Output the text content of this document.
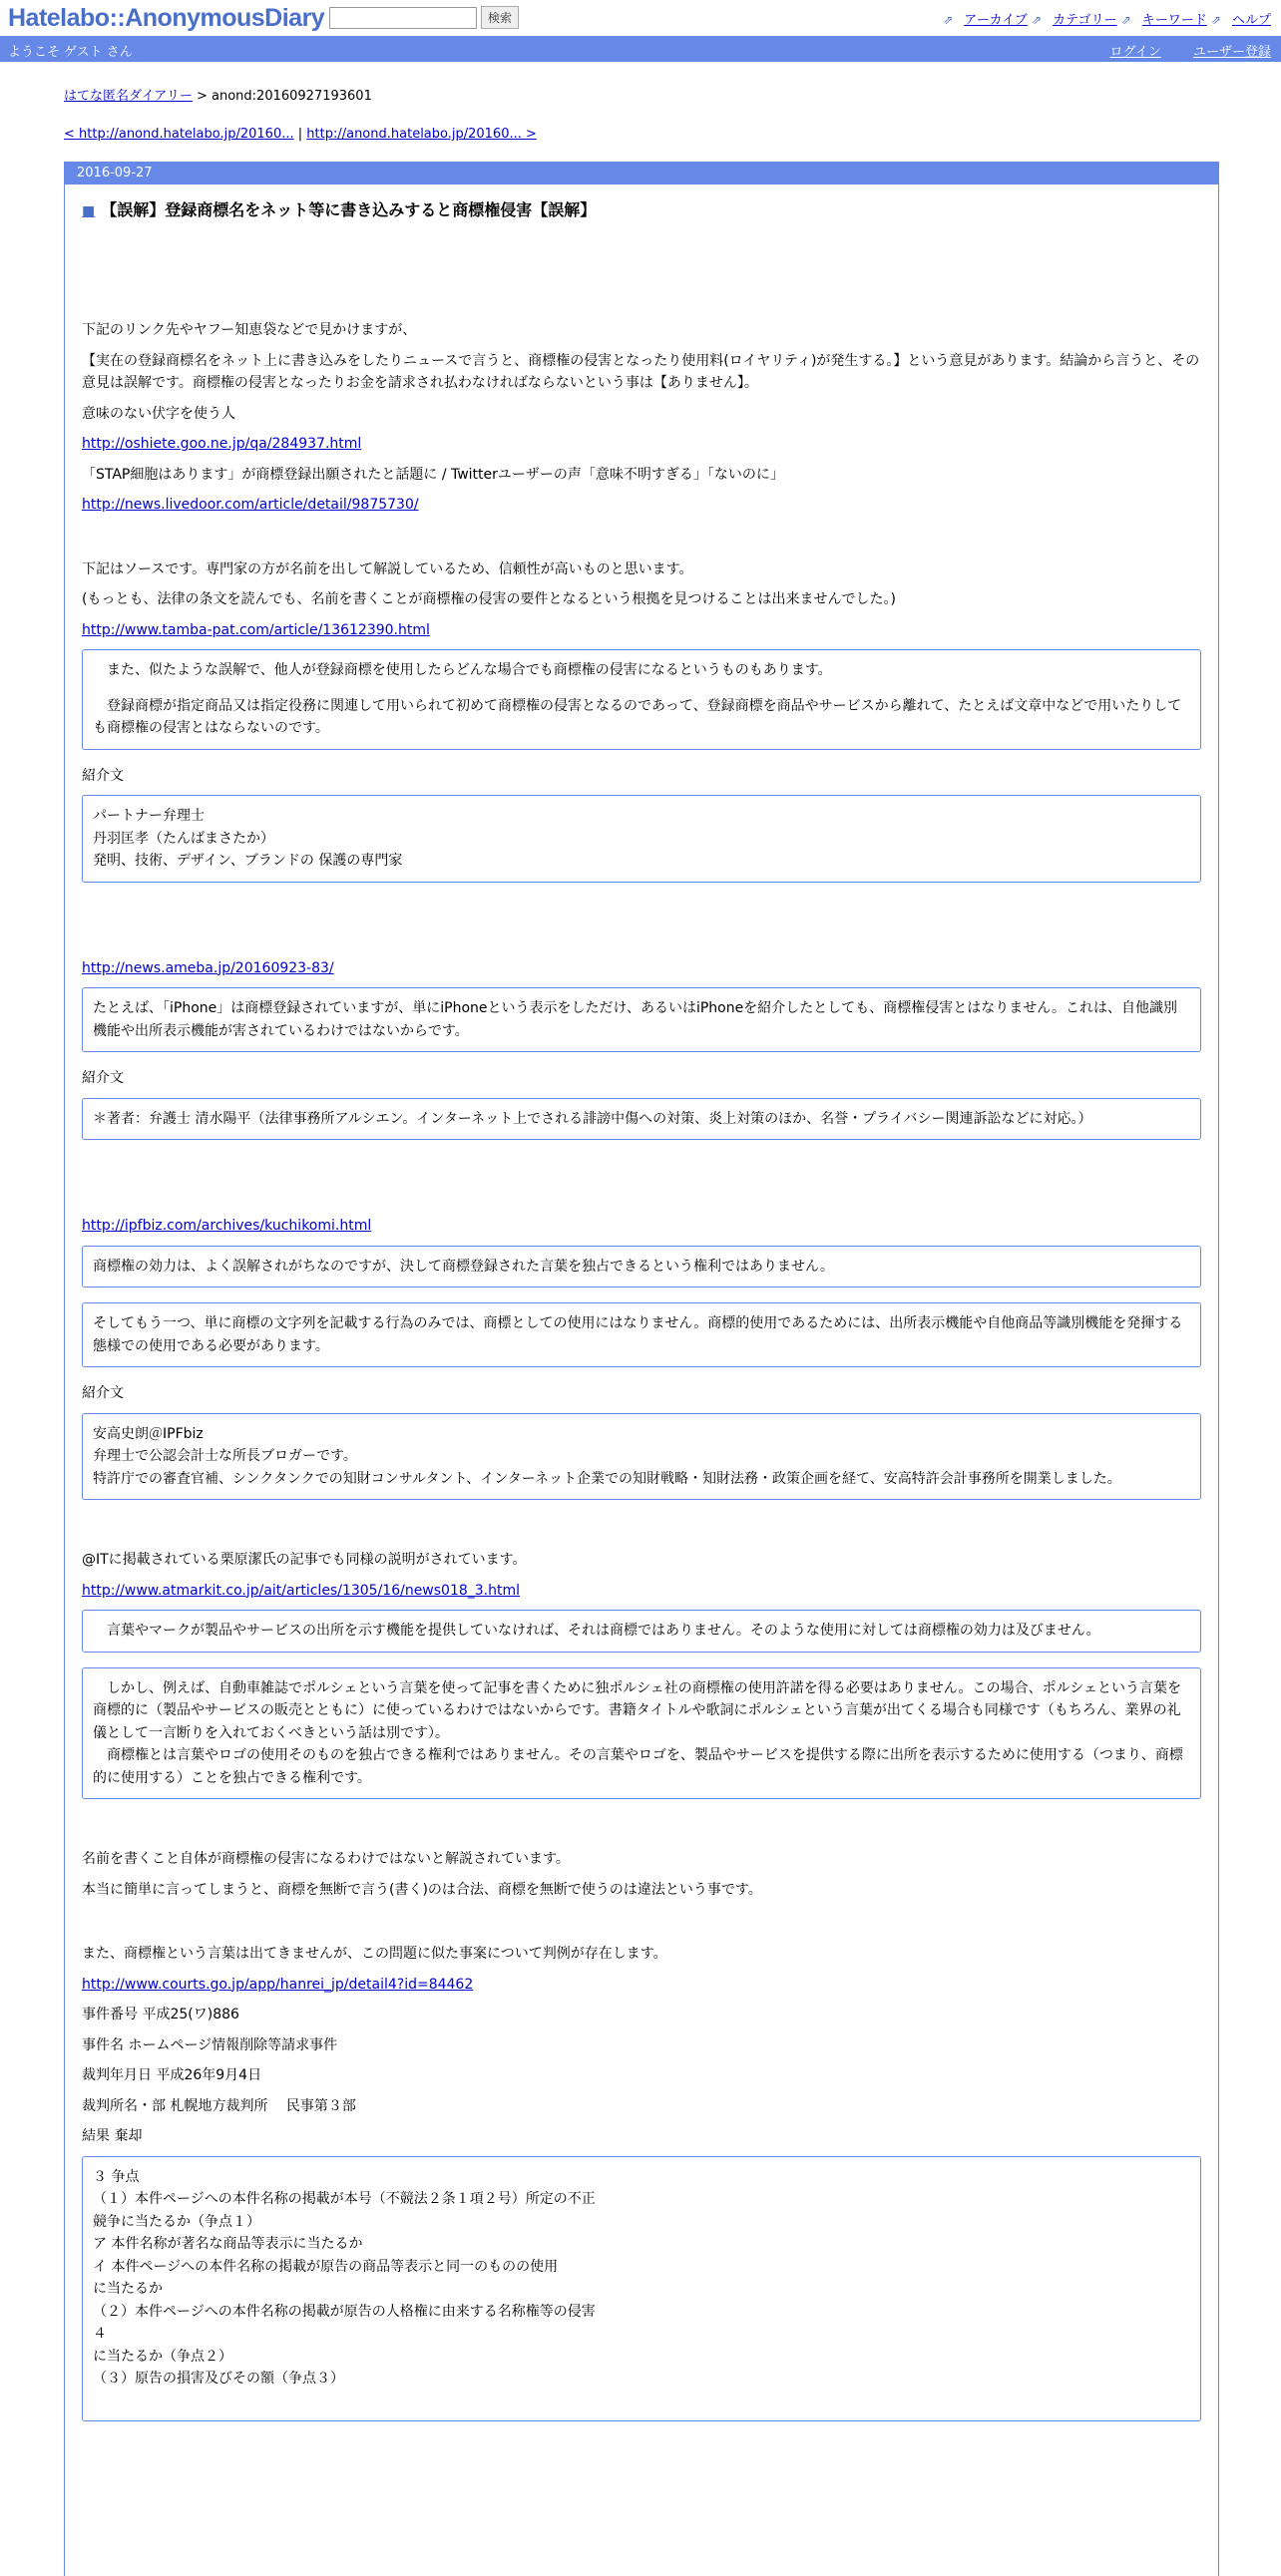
Hatelabo::AnonymousDiary	検索	⇗ アーカイブ ⇗ カテゴリー ⇗ キーワード ⇗ ヘルプ
ようこそ ゲスト さん	ログイン ユーザー登録
はてな匿名ダイアリー > anond:20160927193601
< http://anond.hatelabo.jp/20160... | http://anond.hatelabo.jp/20160... >
2016-09-27
■ 【誤解】登録商標名をネット等に書き込みすると商標権侵害【誤解】

下記のリンク先やヤフー知恵袋などで見かけますが、

【実在の登録商標名をネット上に書き込みをしたりニュースで言うと、商標権の侵害となったり使用料(ロイヤリティ)が発生する。】という意見があります。結論から言うと、その意見は誤解です。商標権の侵害となったりお金を請求され払わなければならないという事は【ありません】。

意味のない伏字を使う人

http://oshiete.goo.ne.jp/qa/284937.html

「STAP細胞はあります」が商標登録出願されたと話題に / Twitterユーザーの声「意味不明すぎる」「ないのに」

http://news.livedoor.com/article/detail/9875730/

下記はソースです。専門家の方が名前を出して解説しているため、信頼性が高いものと思います。

(もっとも、法律の条文を読んでも、名前を書くことが商標権の侵害の要件となるという根拠を見つけることは出来ませんでした。)

http://www.tamba-pat.com/article/13612390.html

また、似たような誤解で、他人が登録商標を使用したらどんな場合でも商標権の侵害になるというものもあります。

登録商標が指定商品又は指定役務に関連して用いられて初めて商標権の侵害となるのであって、登録商標を商品やサービスから離れて、たとえば文章中などで用いたりしても商標権の侵害とはならないのです。

紹介文

パートナー弁理士

丹羽匡孝（たんばまさたか）

発明、技術、デザイン、ブランドの 保護の専門家

http://news.ameba.jp/20160923-83/

たとえば、「iPhone」は商標登録されていますが、単にiPhoneという表示をしただけ、あるいはiPhoneを紹介したとしても、商標権侵害とはなりません。これは、自他識別機能や出所表示機能が害されているわけではないからです。

紹介文

＊著者：弁護士 清水陽平（法律事務所アルシエン。インターネット上でされる誹謗中傷への対策、炎上対策のほか、名誉・プライバシー関連訴訟などに対応。）

http://ipfbiz.com/archives/kuchikomi.html

商標権の効力は、よく誤解されがちなのですが、決して商標登録された言葉を独占できるという権利ではありません。

そしてもう一つ、単に商標の文字列を記載する行為のみでは、商標としての使用にはなりません。商標的使用であるためには、出所表示機能や自他商品等識別機能を発揮する態様での使用である必要があります。

紹介文

安高史朗＠IPFbiz

弁理士で公認会計士な所長ブロガーです。

特許庁での審査官補、シンクタンクでの知財コンサルタント、インターネット企業での知財戦略・知財法務・政策企画を経て、安高特許会計事務所を開業しました。

@ITに掲載されている栗原潔氏の記事でも同様の説明がされています。

http://www.atmarkit.co.jp/ait/articles/1305/16/news018_3.html

言葉やマークが製品やサービスの出所を示す機能を提供していなければ、それは商標ではありません。そのような使用に対しては商標権の効力は及びません。

しかし、例えば、自動車雑誌でポルシェという言葉を使って記事を書くために独ポルシェ社の商標権の使用許諾を得る必要はありません。この場合、ポルシェという言葉を商標的に（製品やサービスの販売とともに）に使っているわけではないからです。書籍タイトルや歌詞にポルシェという言葉が出てくる場合も同様です（もちろん、業界の礼儀として一言断りを入れておくべきという話は別です）。

商標権とは言葉やロゴの使用そのものを独占できる権利ではありません。その言葉やロゴを、製品やサービスを提供する際に出所を表示するために使用する（つまり、商標的に使用する）ことを独占できる権利です。

名前を書くこと自体が商標権の侵害になるわけではないと解説されています。

本当に簡単に言ってしまうと、商標を無断で言う(書く)のは合法、商標を無断で使うのは違法という事です。

また、商標権という言葉は出てきませんが、この問題に似た事案について判例が存在します。

http://www.courts.go.jp/app/hanrei_jp/detail4?id=84462

事件番号 平成25(ワ)886

事件名 ホームページ情報削除等請求事件

裁判年月日 平成26年9月4日

裁判所名・部 札幌地方裁判所　 民事第３部

結果 棄却

３ 争点

（１）本件ページへの本件名称の掲載が本号（不競法２条１項２号）所定の不正

競争に当たるか（争点１）

ア 本件名称が著名な商品等表示に当たるか

イ 本件ページへの本件名称の掲載が原告の商品等表示と同一のものの使用

に当たるか

（２）本件ページへの本件名称の掲載が原告の人格権に由来する名称権等の侵害

４

に当たるか（争点２）

（３）原告の損害及びその額（争点３）
